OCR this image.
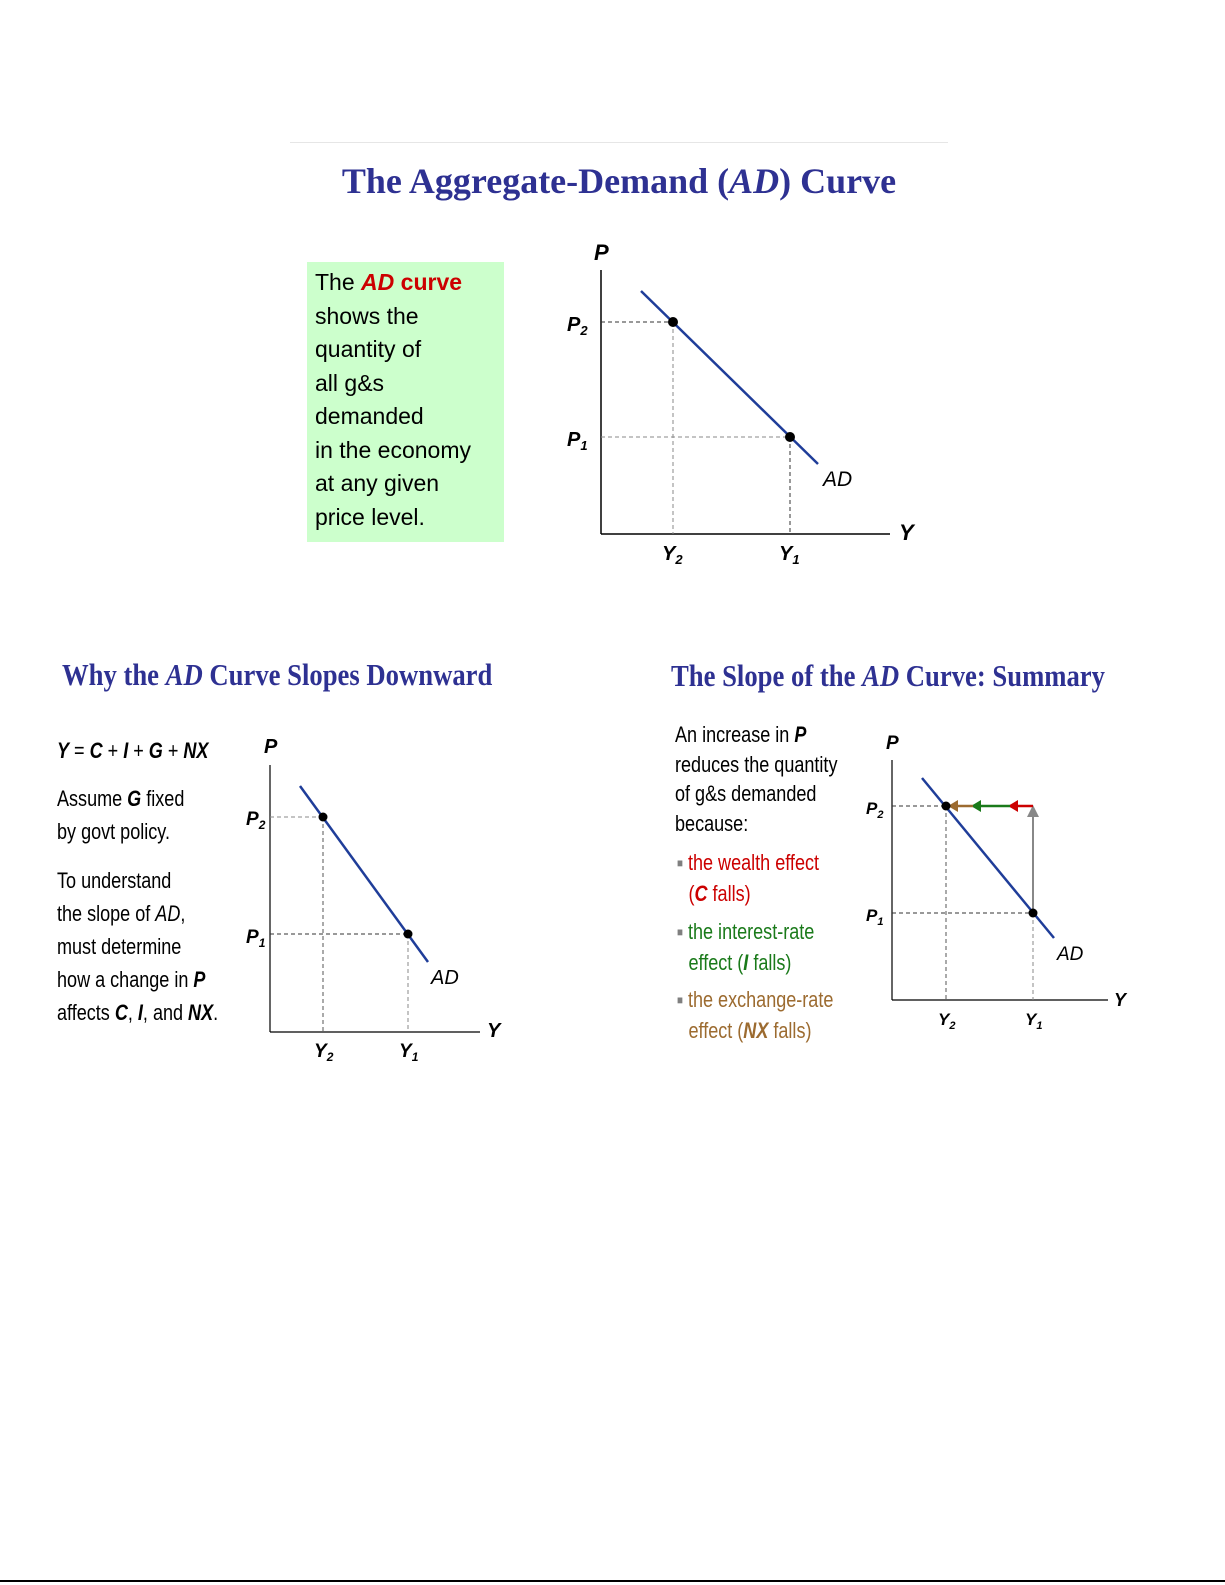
The Aggregate-Demand (AD) Curve
The AD curve
shows the
quantity of
all g&s
demanded
in the economy
at any given
price level.
P
Y
$P_2$
$P_1$
$Y_2$	$Y_1$
AD
Why the AD Curve Slopes Downward
Y = C + I + G + NX
Assume G fixed
by govt policy.
To understand
the slope of AD,
must determine
how a change in P
affects C, I, and NX.
P
Y
$P_2$
$P_1$
$Y_2$	$Y_1$
AD
The Slope of the AD Curve: Summary
An increase in P
reduces the quantity
of g&s demanded
because:
■ the wealth effect
(C falls)
■ the interest-rate
effect (I falls)
■ the exchange-rate
effect (NX falls)
P
Y
$P_2$
$P_1$
$Y_2$	$Y_1$
AD
